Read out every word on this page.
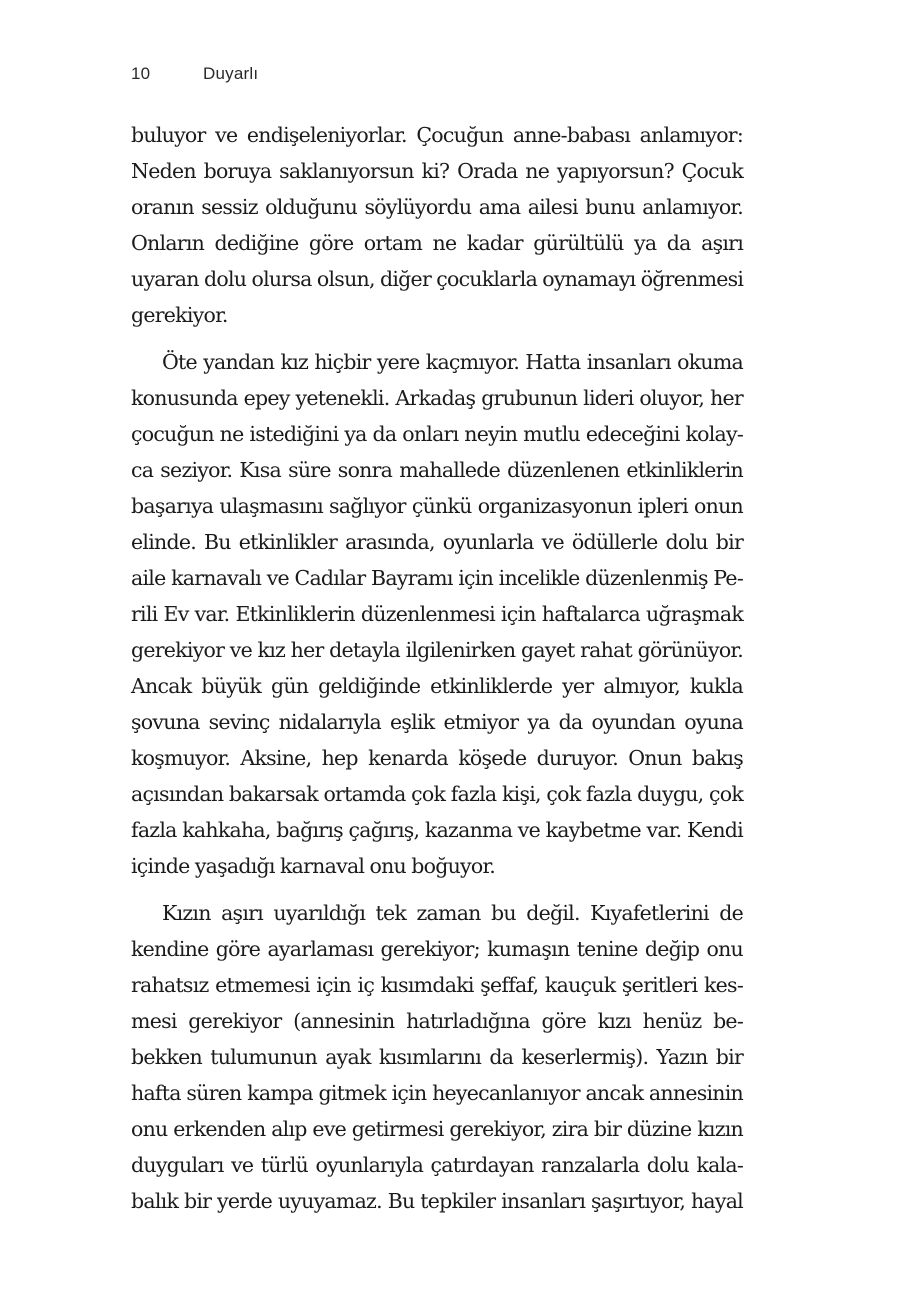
10	Duyarlı

buluyor ve endişeleniyorlar. Çocuğun anne-babası anlamıyor:
Neden boruya saklanıyorsun ki? Orada ne yapıyorsun? Çocuk
oranın sessiz olduğunu söylüyordu ama ailesi bunu anlamıyor.
Onların dediğine göre ortam ne kadar gürültülü ya da aşırı
uyaran dolu olursa olsun, diğer çocuklarla oynamayı öğrenmesi
gerekiyor.

Öte yandan kız hiçbir yere kaçmıyor. Hatta insanları okuma
konusunda epey yetenekli. Arkadaş grubunun lideri oluyor, her
çocuğun ne istediğini ya da onları neyin mutlu edeceğini kolay-
ca seziyor. Kısa süre sonra mahallede düzenlenen etkinliklerin
başarıya ulaşmasını sağlıyor çünkü organizasyonun ipleri onun
elinde. Bu etkinlikler arasında, oyunlarla ve ödüllerle dolu bir
aile karnavalı ve Cadılar Bayramı için incelikle düzenlenmiş Pe-
rili Ev var. Etkinliklerin düzenlenmesi için haftalarca uğraşmak
gerekiyor ve kız her detayla ilgilenirken gayet rahat görünüyor.
Ancak büyük gün geldiğinde etkinliklerde yer almıyor, kukla
şovuna sevinç nidalarıyla eşlik etmiyor ya da oyundan oyuna
koşmuyor. Aksine, hep kenarda köşede duruyor. Onun bakış
açısından bakarsak ortamda çok fazla kişi, çok fazla duygu, çok
fazla kahkaha, bağırış çağırış, kazanma ve kaybetme var. Kendi
içinde yaşadığı karnaval onu boğuyor.

Kızın aşırı uyarıldığı tek zaman bu değil. Kıyafetlerini de
kendine göre ayarlaması gerekiyor; kumaşın tenine değip onu
rahatsız etmemesi için iç kısımdaki şeffaf, kauçuk şeritleri kes-
mesi gerekiyor (annesinin hatırladığına göre kızı henüz be-
bekken tulumunun ayak kısımlarını da keserlermiş). Yazın bir
hafta süren kampa gitmek için heyecanlanıyor ancak annesinin
onu erkenden alıp eve getirmesi gerekiyor, zira bir düzine kızın
duyguları ve türlü oyunlarıyla çatırdayan ranzalarla dolu kala-
balık bir yerde uyuyamaz. Bu tepkiler insanları şaşırtıyor, hayal
